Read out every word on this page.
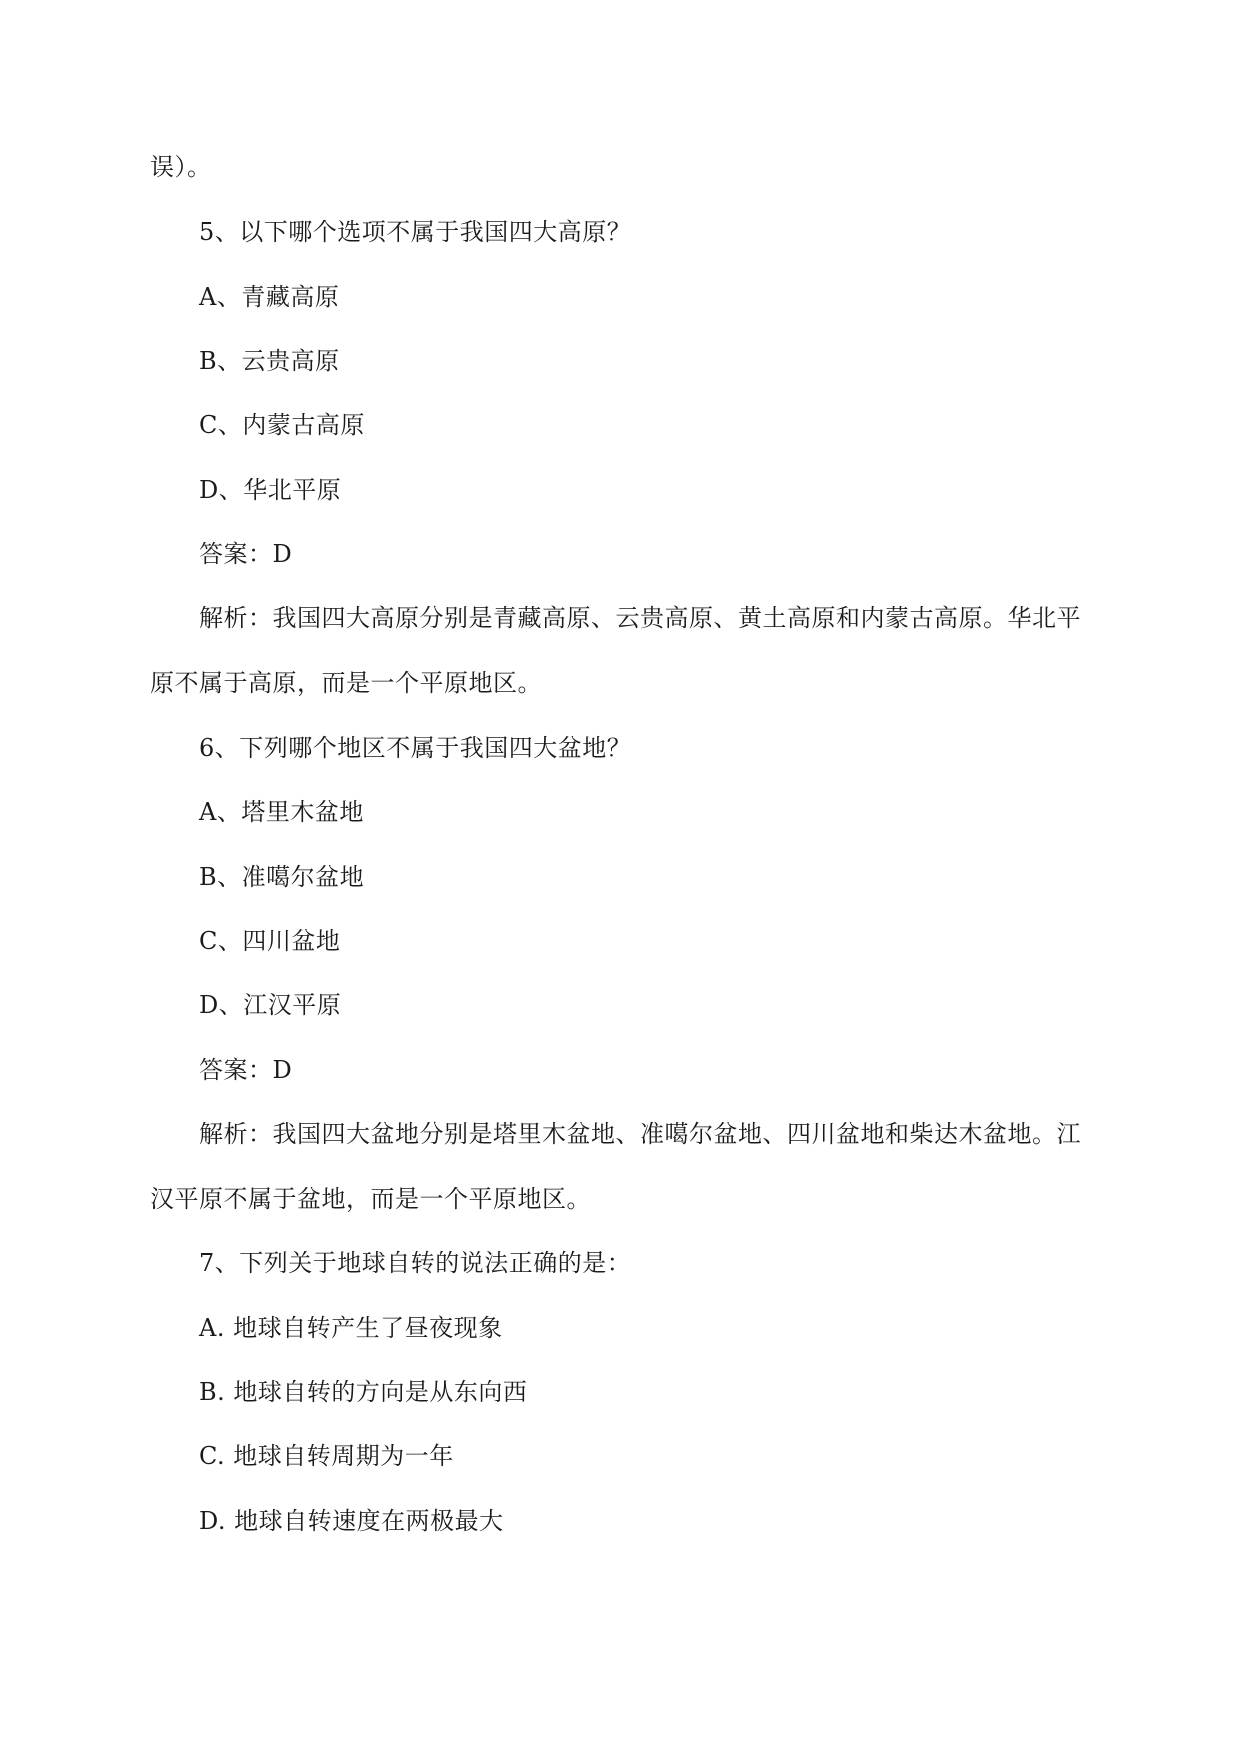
误）。
5、以下哪个选项不属于我国四大高原？
A、青藏高原
B、云贵高原
C、内蒙古高原
D、华北平原
答案：D
解析：我国四大高原分别是青藏高原、云贵高原、黄土高原和内蒙古高原。华北平
原不属于高原，而是一个平原地区。
6、下列哪个地区不属于我国四大盆地？
A、塔里木盆地
B、准噶尔盆地
C、四川盆地
D、江汉平原
答案：D
解析：我国四大盆地分别是塔里木盆地、准噶尔盆地、四川盆地和柴达木盆地。江
汉平原不属于盆地，而是一个平原地区。
7、下列关于地球自转的说法正确的是：
A. 地球自转产生了昼夜现象
B. 地球自转的方向是从东向西
C. 地球自转周期为一年
D. 地球自转速度在两极最大
